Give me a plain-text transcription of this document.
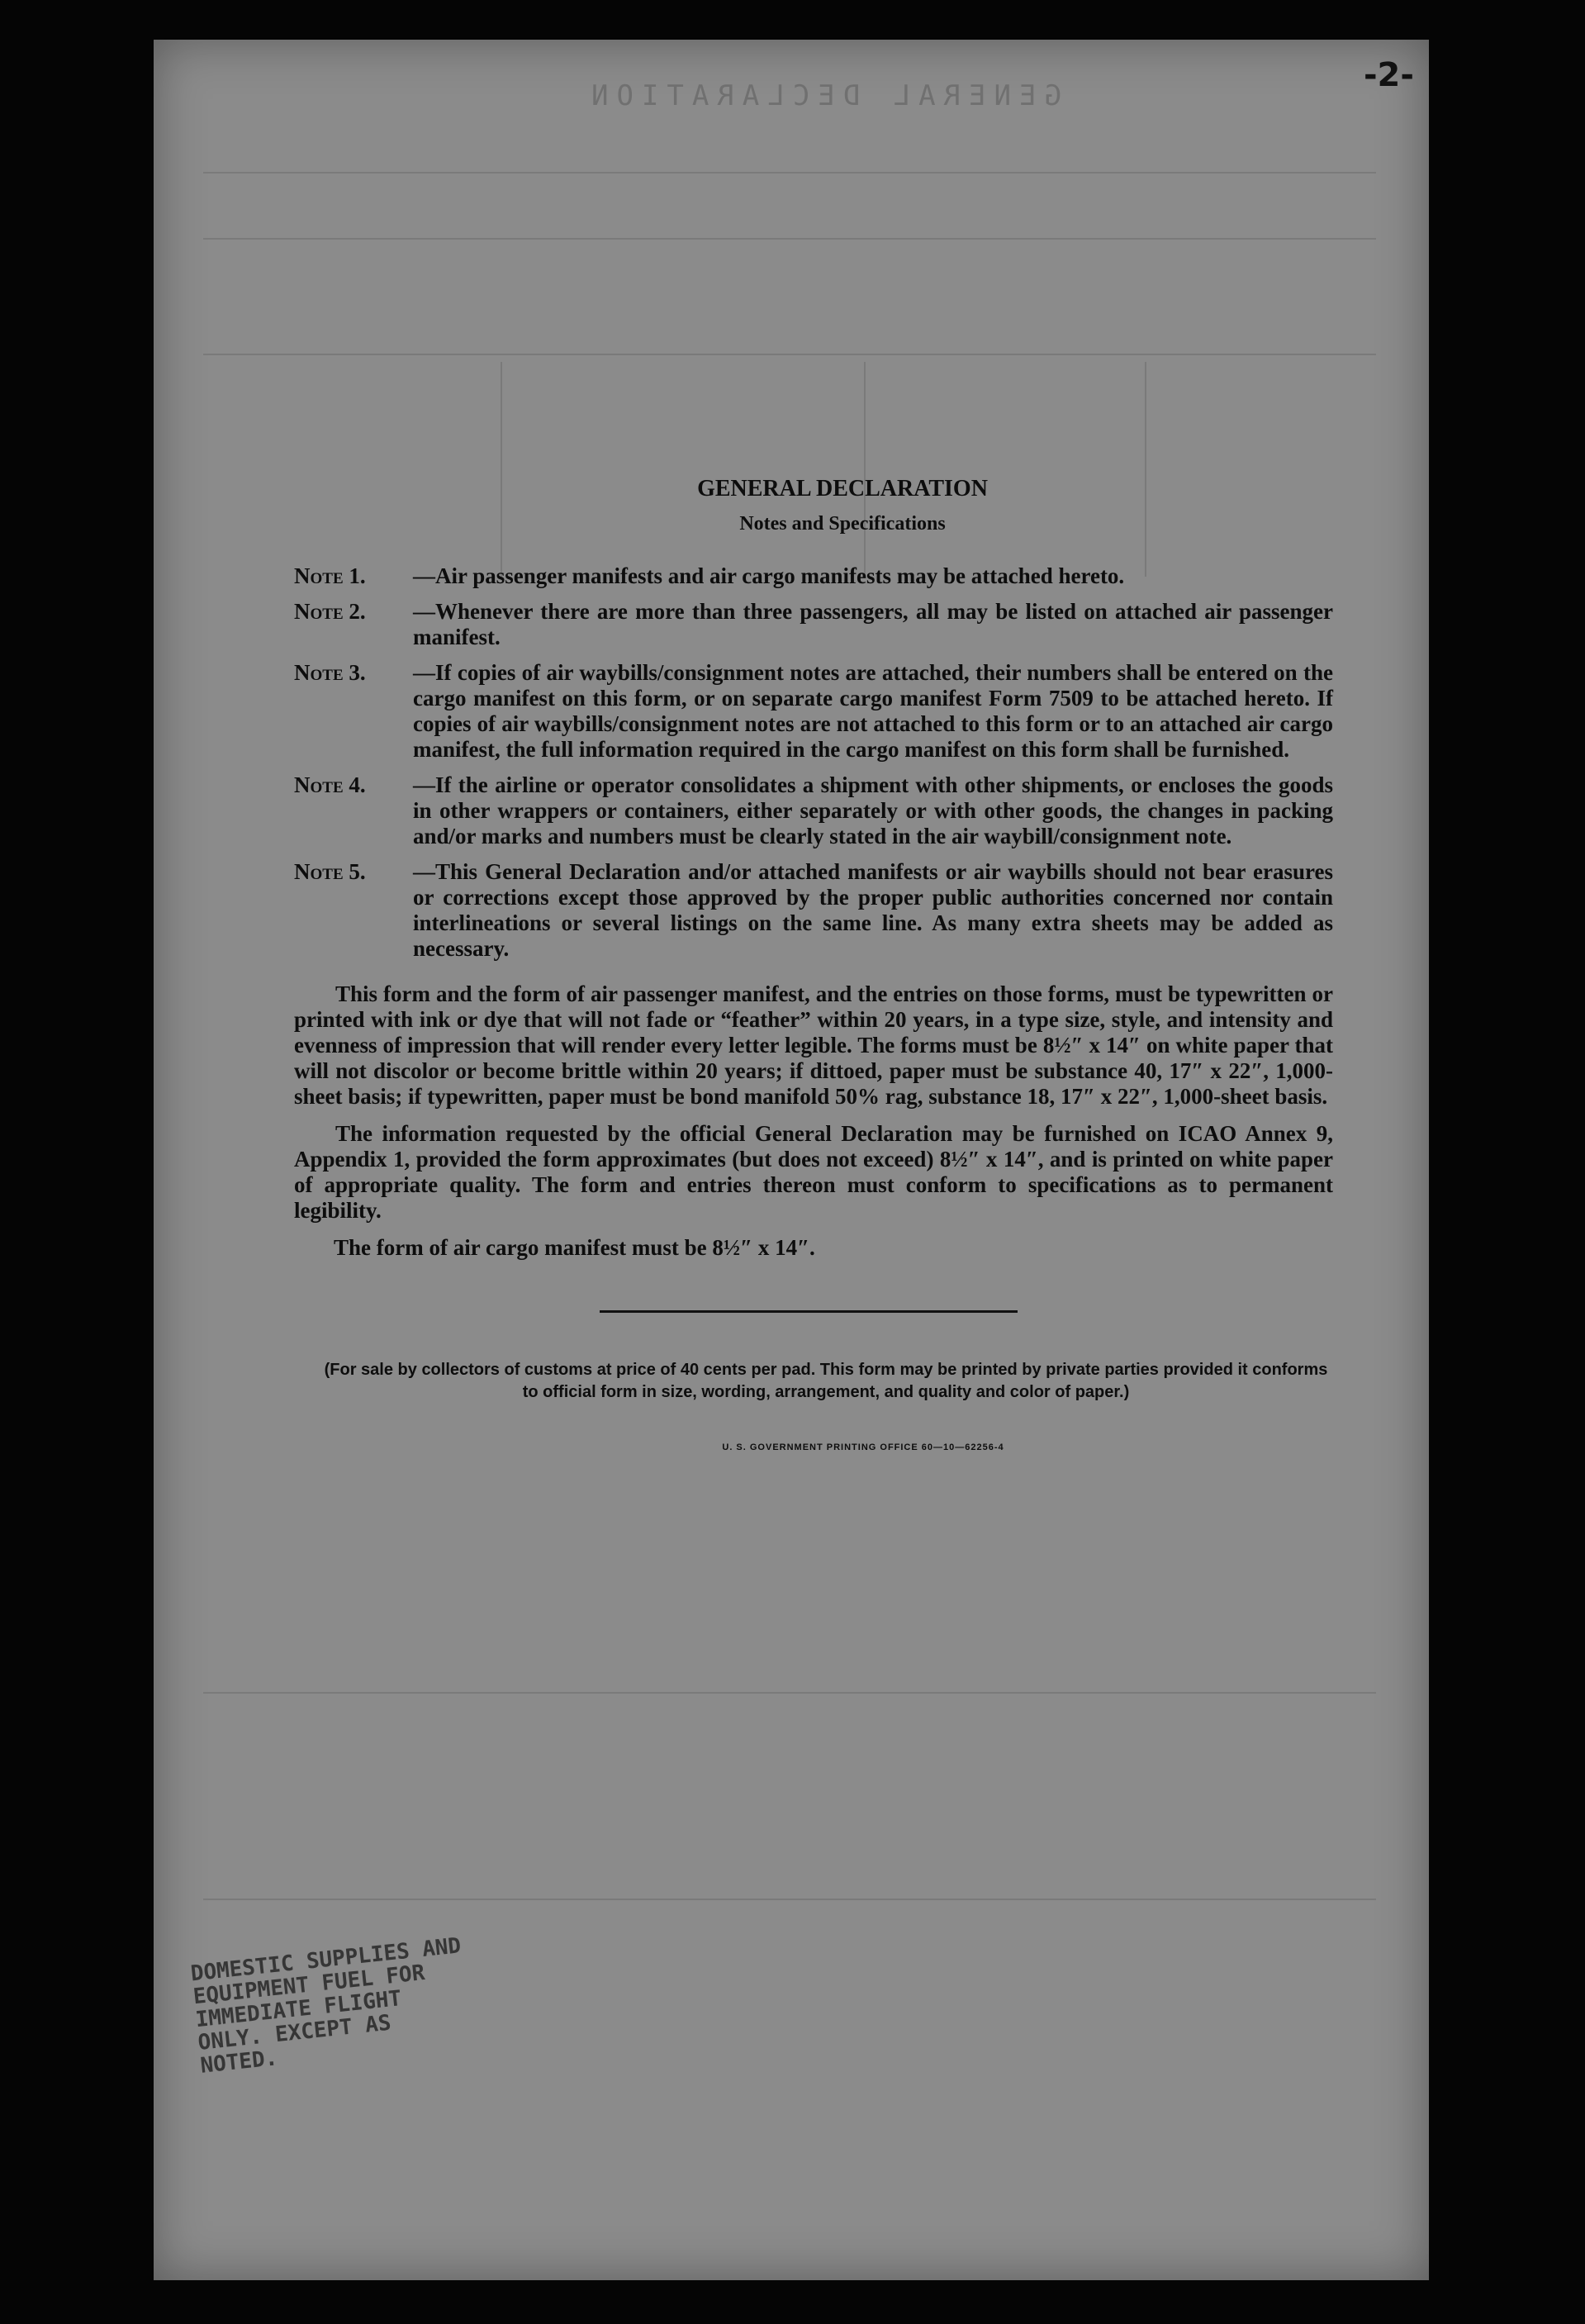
GENERAL DECLARATION
-2-
GENERAL DECLARATION
Notes and Specifications
Note 1.	—Air passenger manifests and air cargo manifests may be attached hereto.
Note 2.	—Whenever there are more than three passengers, all may be listed on attached air passenger manifest.
Note 3.	—If copies of air waybills/consignment notes are attached, their numbers shall be entered on the cargo manifest on this form, or on separate cargo manifest Form 7509 to be attached hereto. If copies of air waybills/consignment notes are not attached to this form or to an attached air cargo manifest, the full information required in the cargo manifest on this form shall be furnished.
Note 4.	—If the airline or operator consolidates a shipment with other shipments, or encloses the goods in other wrappers or containers, either separately or with other goods, the changes in packing and/or marks and numbers must be clearly stated in the air waybill/consignment note.
Note 5.	—This General Declaration and/or attached manifests or air waybills should not bear erasures or corrections except those approved by the proper public authorities concerned nor contain interlineations or several listings on the same line. As many extra sheets may be added as necessary.

This form and the form of air passenger manifest, and the entries on those forms, must be typewritten or printed with ink or dye that will not fade or “feather” within 20 years, in a type size, style, and intensity and evenness of impression that will render every letter legible. The forms must be 8½″ x 14″ on white paper that will not discolor or become brittle within 20 years; if dittoed, paper must be substance 40, 17″ x 22″, 1,000-sheet basis; if typewritten, paper must be bond manifold 50% rag, substance 18, 17″ x 22″, 1,000-sheet basis.

The information requested by the official General Declaration may be furnished on ICAO Annex 9, Appendix 1, provided the form approximates (but does not exceed) 8½″ x 14″, and is printed on white paper of appropriate quality. The form and entries thereon must conform to specifications as to permanent legibility.

The form of air cargo manifest must be 8½″ x 14″.
(For sale by collectors of customs at price of 40 cents per pad. This form may be printed by private parties provided it conforms to official form in size, wording, arrangement, and quality and color of paper.)
U. S. GOVERNMENT PRINTING OFFICE 60—10—62256-4
DOMESTIC SUPPLIES AND EQUIPMENT FUEL FOR IMMEDIATE FLIGHT ONLY. EXCEPT AS NOTED.
